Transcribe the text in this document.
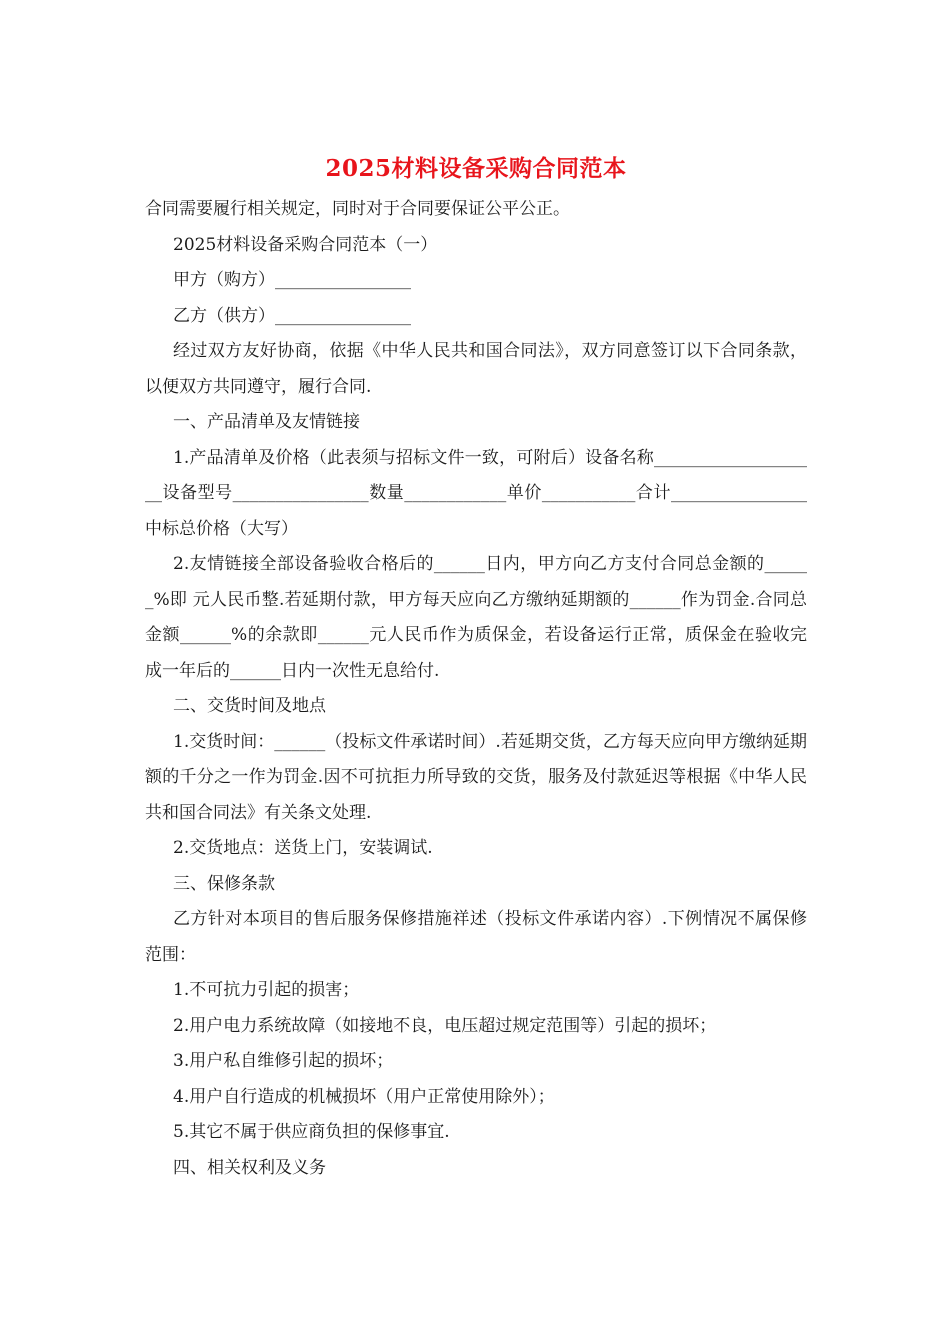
2025材料设备采购合同范本

合同需要履行相关规定，同时对于合同要保证公平公正。

2025材料设备采购合同范本（一）

甲方（购方）________________

乙方（供方）________________

经过双方友好协商，依据《中华人民共和国合同法》，双方同意签订以下合同条款，以便双方共同遵守，履行合同.

一、产品清单及友情链接

1.产品清单及价格（此表须与招标文件一致，可附后）设备名称____________________设备型号________________数量____________单价___________合计________________中标总价格（大写）

2.友情链接全部设备验收合格后的______日内，甲方向乙方支付合同总金额的______%即 元人民币整.若延期付款，甲方每天应向乙方缴纳延期额的______作为罚金.合同总金额______%的余款即______元人民币作为质保金，若设备运行正常，质保金在验收完成一年后的______日内一次性无息给付.

二、交货时间及地点

1.交货时间：______（投标文件承诺时间）.若延期交货，乙方每天应向甲方缴纳延期额的千分之一作为罚金.因不可抗拒力所导致的交货，服务及付款延迟等根据《中华人民共和国合同法》有关条文处理.

2.交货地点：送货上门，安装调试.

三、保修条款

乙方针对本项目的售后服务保修措施祥述（投标文件承诺内容）.下例情况不属保修范围：

1.不可抗力引起的损害；

2.用户电力系统故障（如接地不良，电压超过规定范围等）引起的损坏；

3.用户私自维修引起的损坏；

4.用户自行造成的机械损坏（用户正常使用除外）；

5.其它不属于供应商负担的保修事宜.

四、相关权利及义务
